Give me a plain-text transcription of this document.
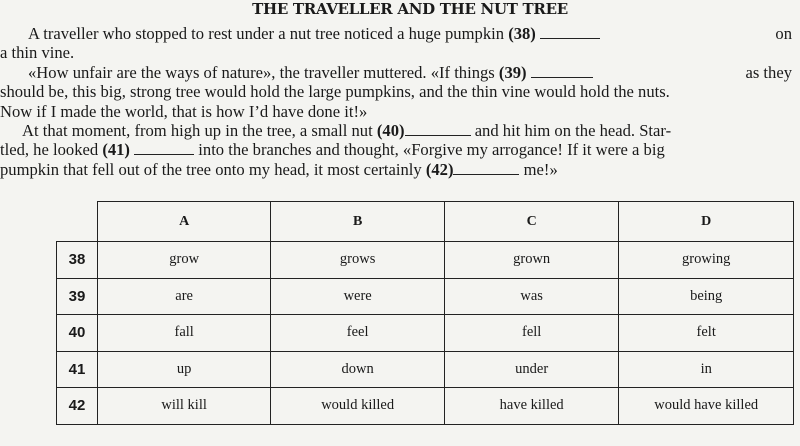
THE TRAVELLER AND THE NUT TREE
A traveller who stopped to rest under a nut tree noticed a huge pumpkin (38)	on
a thin vine.
«How unfair are the ways of nature», the traveller muttered. «If things (39)	as they
should be, this big, strong tree would hold the large pumpkins, and the thin vine would hold the nuts.
Now if I made the world, that is how I’d have done it!»
At that moment, from high up in the tree, a small nut (40)	and hit him on the head. Star-
tled, he looked (41)	into the branches and thought, «Forgive my arrogance! If it were a big
pumpkin that fell out of the tree onto my head, it most certainly (42)	me!»
	A	B	C	D
38	grow	grows	grown	growing
39	are	were	was	being
40	fall	feel	fell	felt
41	up	down	under	in
42	will kill	would killed	have killed	would have killed
